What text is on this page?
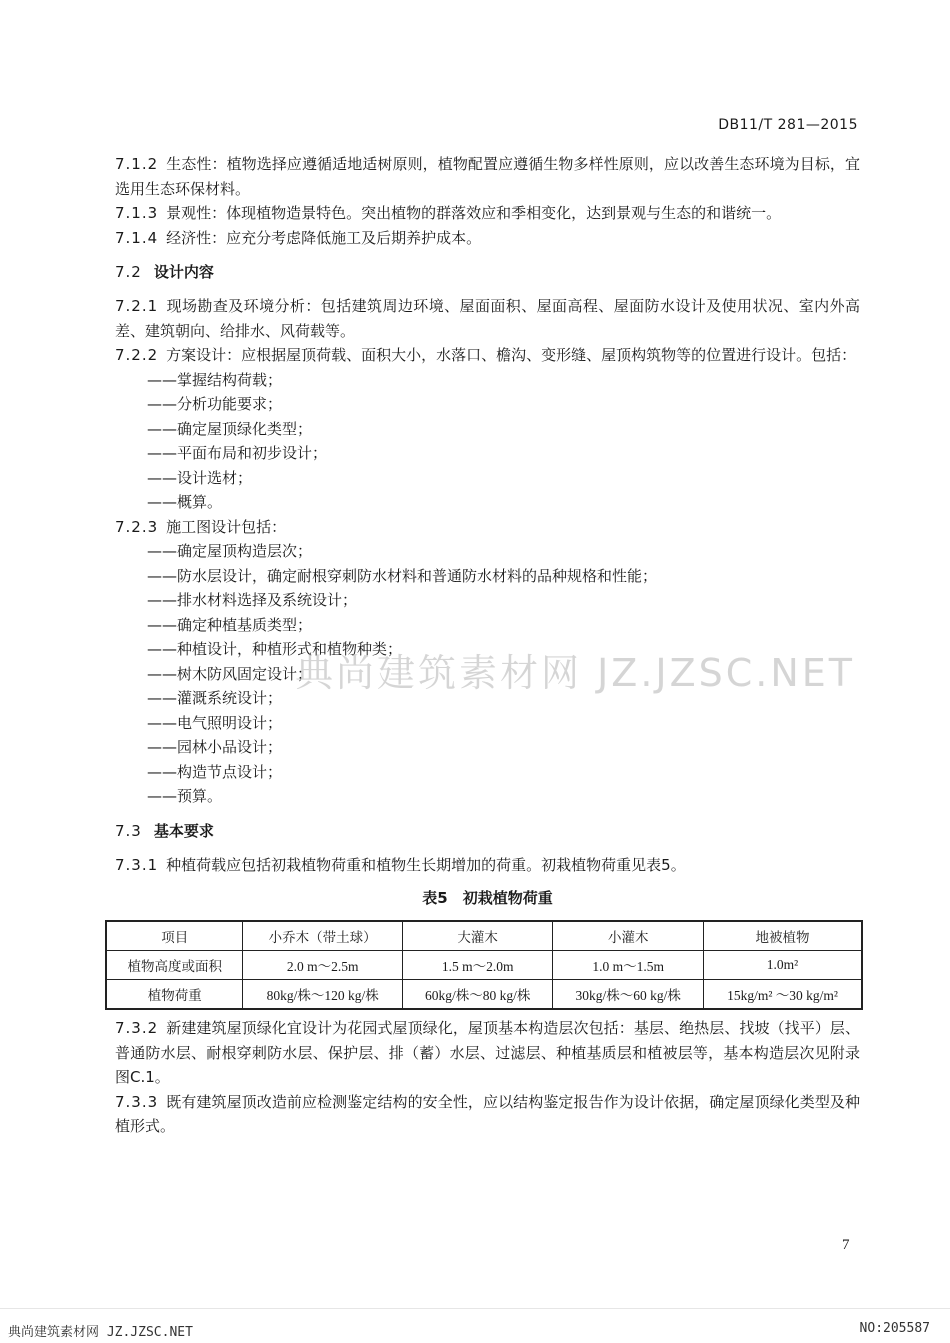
DB11/T 281—2015

7.1.2 生态性：植物选择应遵循适地适树原则，植物配置应遵循生物多样性原则，应以改善生态环境为目标，宜选用生态环保材料。

7.1.3 景观性：体现植物造景特色。突出植物的群落效应和季相变化，达到景观与生态的和谐统一。

7.1.4 经济性：应充分考虑降低施工及后期养护成本。

7.2 设计内容

7.2.1 现场勘查及环境分析：包括建筑周边环境、屋面面积、屋面高程、屋面防水设计及使用状况、室内外高差、建筑朝向、给排水、风荷载等。

7.2.2 方案设计：应根据屋顶荷载、面积大小，水落口、檐沟、变形缝、屋顶构筑物等的位置进行设计。包括：

——掌握结构荷载；

——分析功能要求；

——确定屋顶绿化类型；

——平面布局和初步设计；

——设计选材；

——概算。

7.2.3 施工图设计包括：

——确定屋顶构造层次；

——防水层设计，确定耐根穿刺防水材料和普通防水材料的品种规格和性能；

——排水材料选择及系统设计；

——确定种植基质类型；

——种植设计，种植形式和植物种类；

——树木防风固定设计；

——灌溉系统设计；

——电气照明设计；

——园林小品设计；

——构造节点设计；

——预算。

7.3 基本要求

7.3.1 种植荷载应包括初栽植物荷重和植物生长期增加的荷重。初栽植物荷重见表5。

表5　初栽植物荷重
项目	小乔木（带土球）	大灌木	小灌木	地被植物
植物高度或面积	2.0 m～2.5m	1.5 m～2.0m	1.0 m～1.5m	1.0m²
植物荷重	80kg/株～120 kg/株	60kg/株～80 kg/株	30kg/株～60 kg/株	15kg/m² ～30 kg/m²

7.3.2 新建建筑屋顶绿化宜设计为花园式屋顶绿化，屋顶基本构造层次包括：基层、绝热层、找坡（找平）层、普通防水层、耐根穿刺防水层、保护层、排（蓄）水层、过滤层、种植基质层和植被层等，基本构造层次见附录图C.1。

7.3.3 既有建筑屋顶改造前应检测鉴定结构的安全性，应以结构鉴定报告作为设计依据，确定屋顶绿化类型及种植形式。

典尚建筑素材网 JZ.JZSC.NET
7
典尚建筑素材网 JZ.JZSC.NET	NO:205587
